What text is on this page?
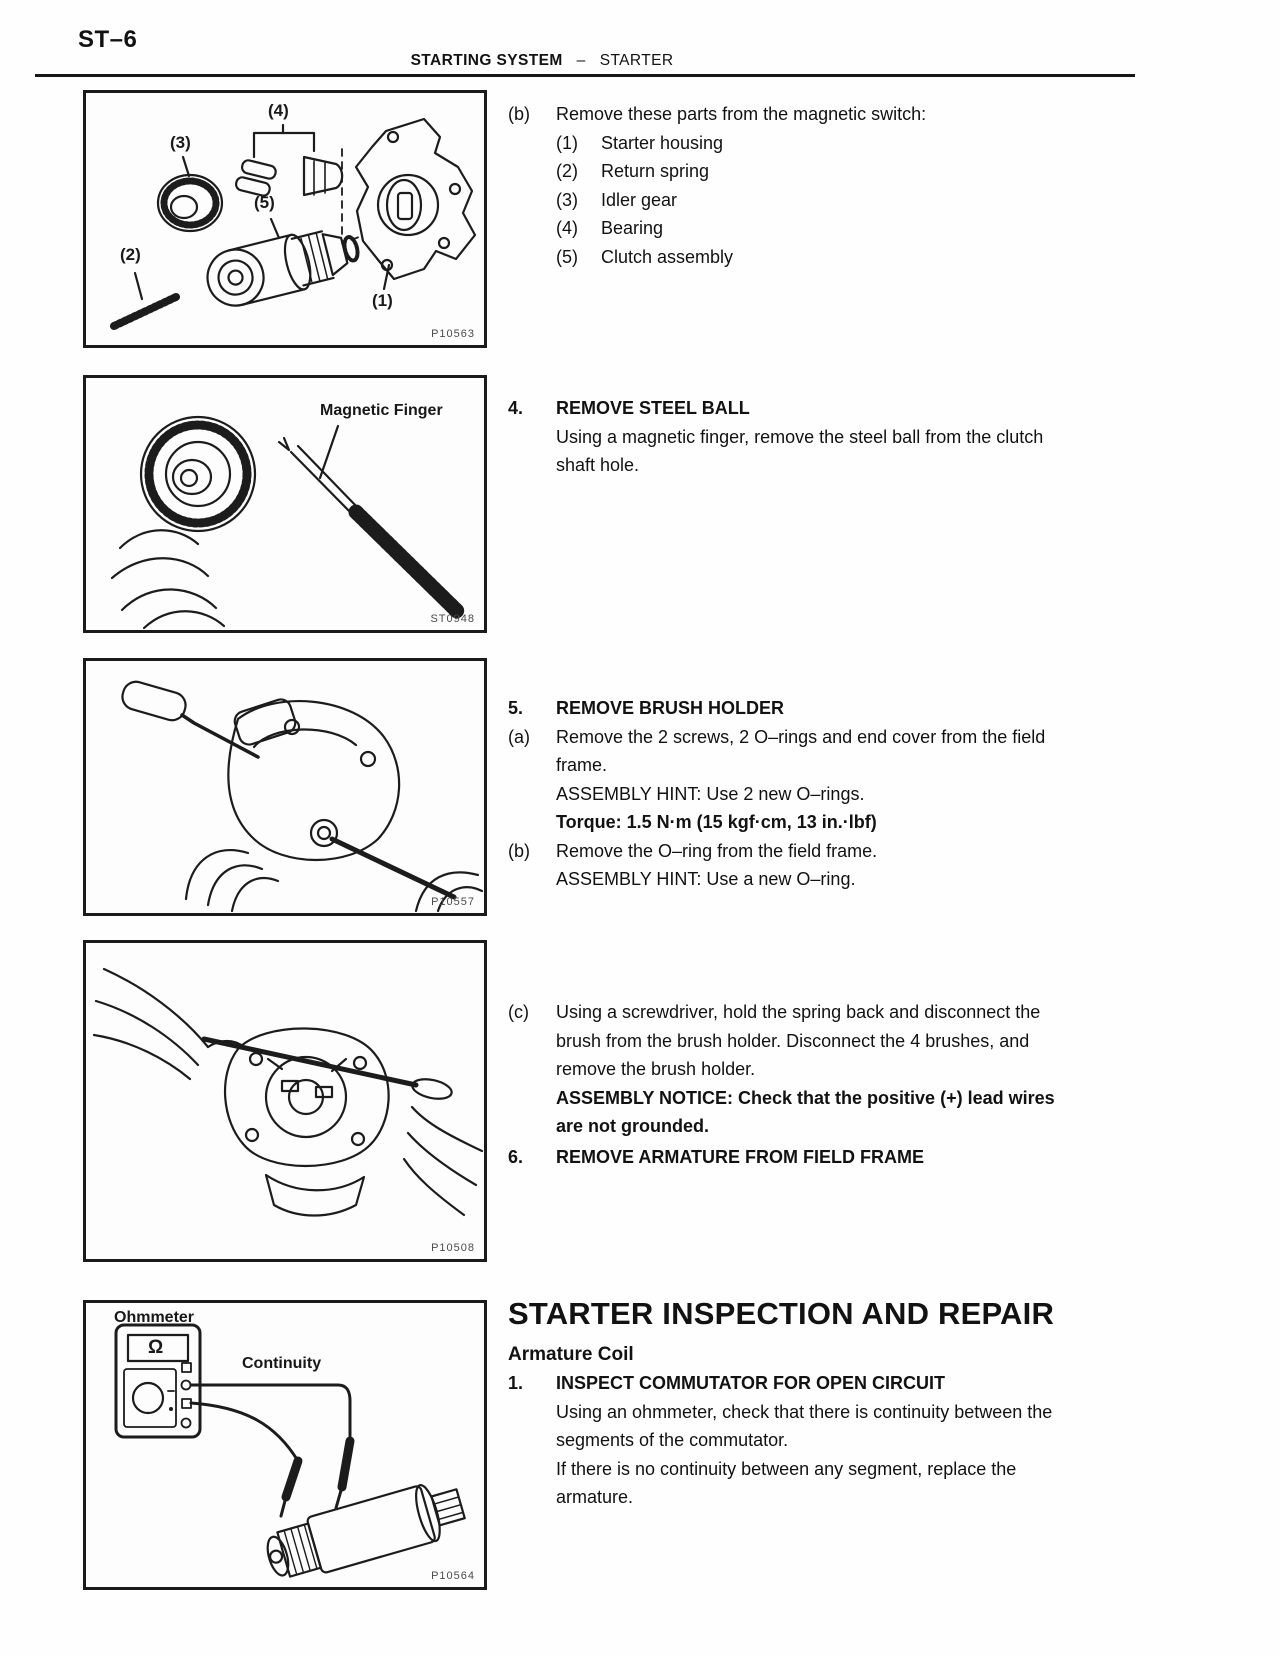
ST–6
STARTING SYSTEM – STARTER
(3)
(4)
(5)
(2)
(1)
P10563
Magnetic Finger
ST0948
P10557
P10508
Ohmmeter
Continuity
Ω
P10564
(b)	Remove these parts from the magnetic switch:
(1)	Starter housing
(2)	Return spring
(3)	Idler gear
(4)	Bearing
(5)	Clutch assembly
4.	REMOVE STEEL BALL
Using a magnetic finger, remove the steel ball from the clutch shaft hole.
5.	REMOVE BRUSH HOLDER
(a)	Remove the 2 screws, 2 O–rings and end cover from the field frame.
ASSEMBLY HINT: Use 2 new O–rings.
Torque: 1.5 N·m (15 kgf·cm, 13 in.·lbf)
(b)	Remove the O–ring from the field frame.
ASSEMBLY HINT: Use a new O–ring.
(c)	Using a screwdriver, hold the spring back and disconnect the brush from the brush holder. Disconnect the 4 brushes, and remove the brush holder.
ASSEMBLY NOTICE: Check that the positive (+) lead wires are not grounded.
6.	REMOVE ARMATURE FROM FIELD FRAME
STARTER INSPECTION AND REPAIR
Armature Coil
1.	INSPECT COMMUTATOR FOR OPEN CIRCUIT
Using an ohmmeter, check that there is continuity between the segments of the commutator.
If there is no continuity between any segment, replace the armature.
